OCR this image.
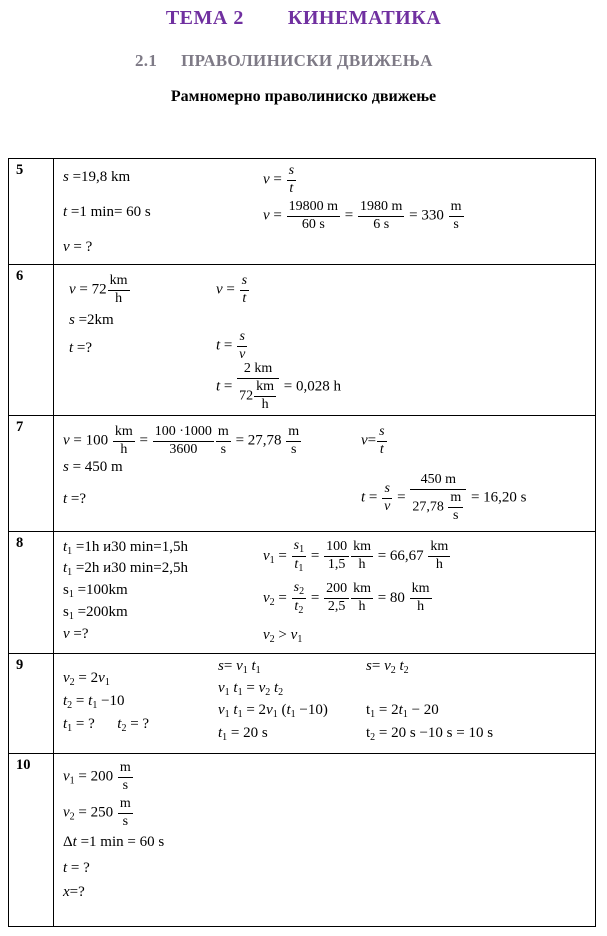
ТЕМА 2 КИНЕМАТИКА
2.1 ПРАВОЛИНИСКИ ДВИЖЕЊА
Рамномерно праволиниско движење
5	s =19,8 km
t =1 min= 60 s
v = ?
$v = \frac{s}{t}$
$v = \frac{19800 m}{60 s} = \frac{1980 m}{6 s} = 330 \frac{m}{s}$
6
$v = 72 \frac{km}{h}$
s =2km
t =?
$v = \frac{s}{t}$
$t = \frac{s}{v}$
$t = \frac{2 km}{72 \frac{km}{h}} = 0,028$ h
7
$v = 100 \frac{km}{h} = \frac{100 \cdot 1000}{3600} \frac{m}{s} = 27,78 \frac{m}{s}$
s = 450 m
t =?
$v= \frac{s}{t}$
$t = \frac{s}{v} = \frac{450 m}{27,78 \frac{m}{s}} = 16,20$ s
8	$t_1 =1h$ и30 min=1,5h
$t_1 =2h$ и30 min=2,5h
$s_1 =100km$
$s_1 =200km$
v =?
$v_1 = \frac{s_1}{t_1} = \frac{100}{1,5} \frac{km}{h} = 66,67 \frac{km}{h}$
$v_2 = \frac{s_2}{t_2} = \frac{200}{2,5} \frac{km}{h} = 80 \frac{km}{h}$
$v_2 > v_1$
9
$v_2 = 2v_1$
$t_2 = t_1 -10$
$t_1$ = ?      $t_2$ = ?
$s= v_1$ $t_1$
$v_1$ $t_1 = v_2$ $t_2$
$v_1$ $t_1 = 2v_1$ $(t_1 -10)$
$t_1 = 20$ s
$s= v_2$ $t_2$
$t_1 = 2t_1 - 20$
$t_2 = 20$ s −10 s = 10 s
10
$v_1 = 200 \frac{m}{s}$
$v_2 = 250 \frac{m}{s}$
Δt =1 min = 60 s
t = ?
x=?
